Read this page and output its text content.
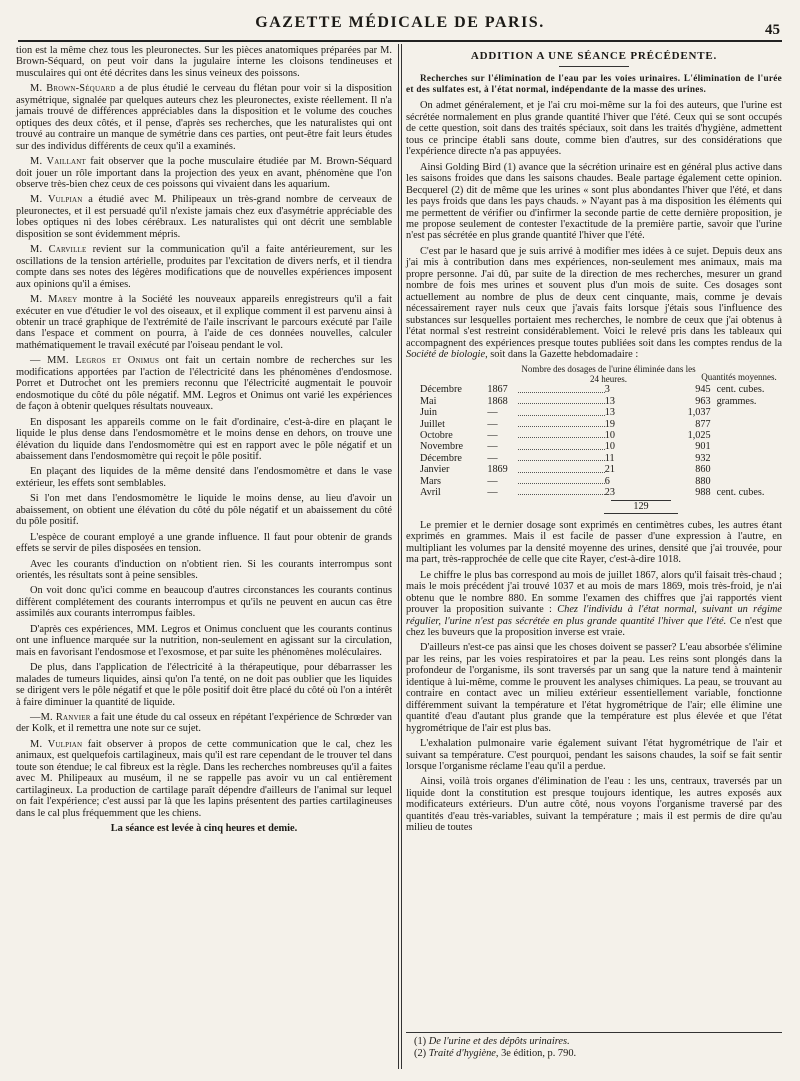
GAZETTE MÉDICALE DE PARIS.	45

tion est la même chez tous les pleuronectes. Sur les pièces anatomiques préparées par M. Brown-Séquard, on peut voir dans la jugulaire interne les cloisons tendineuses et musculaires qui ont été décrites dans les sinus veineux des poissons.

M. Brown-Séquard a de plus étudié le cerveau du flétan pour voir si la disposition asymétrique, signalée par quelques auteurs chez les pleuronectes, existe réellement. Il n'a jamais trouvé de différences appréciables dans la disposition et le volume des couches optiques des deux côtés, et il pense, d'après ses recherches, que les naturalistes qui ont trouvé au contraire un manque de symétrie dans ces parties, ont peut-être fait leurs études sur des individus différents de ceux qu'il a examinés.

M. Vaillant fait observer que la poche musculaire étudiée par M. Brown-Séquard doit jouer un rôle important dans la projection des yeux en avant, phénomène que l'on observe très-bien chez ceux de ces poissons qui vivaient dans les aquarium.

M. Vulpian a étudié avec M. Philipeaux un très-grand nombre de cerveaux de pleuronectes, et il est persuadé qu'il n'existe jamais chez eux d'asymétrie appréciable des lobes optiques ni des lobes cérébraux. Les naturalistes qui ont décrit une semblable disposition se sont évidemment mépris.

M. Carville revient sur la communication qu'il a faite antérieurement, sur les oscillations de la tension artérielle, produites par l'excitation de divers nerfs, et il tiendra compte dans ses notes des légères modifications que de nouvelles expériences imposent aux opinions qu'il a émises.

M. Marey montre à la Société les nouveaux appareils enregistreurs qu'il a fait exécuter en vue d'étudier le vol des oiseaux, et il explique comment il est parvenu ainsi à obtenir un tracé graphique de l'extrémité de l'aile inscrivant le parcours exécuté par l'aile dans l'espace et comment on pourra, à l'aide de ces données nouvelles, calculer mathématiquement le travail exécuté par l'oiseau pendant le vol.

— MM. Legros et Onimus ont fait un certain nombre de recherches sur les modifications apportées par l'action de l'électricité dans les phénomènes d'endosmose. Porret et Dutrochet ont les premiers reconnu que l'électricité augmentait le pouvoir endosmotique du côté du pôle négatif. MM. Legros et Onimus ont varié les expériences de façon à obtenir quelques résultats nouveaux.

En disposant les appareils comme on le fait d'ordinaire, c'est-à-dire en plaçant le liquide le plus dense dans l'endosmomètre et le moins dense en dehors, on trouve une élévation du liquide dans l'endosmomètre qui est en rapport avec le pôle négatif et un abaissement dans l'endosmomètre qui reçoit le pôle positif.

En plaçant des liquides de la même densité dans l'endosmomètre et dans le vase extérieur, les effets sont semblables.

Si l'on met dans l'endosmomètre le liquide le moins dense, au lieu d'avoir un abaissement, on obtient une élévation du côté du pôle négatif et un abaissement du côté du pôle positif.

L'espèce de courant employé a une grande influence. Il faut pour obtenir de grands effets se servir de piles disposées en tension.

Avec les courants d'induction on n'obtient rien. Si les courants interrompus sont orientés, les résultats sont à peine sensibles.

On voit donc qu'ici comme en beaucoup d'autres circonstances les courants continus diffèrent complétement des courants interrompus et qu'ils ne peuvent en aucun cas être assimilés aux courants interrompus faibles.

D'après ces expériences, MM. Legros et Onimus concluent que les courants continus ont une influence marquée sur la nutrition, non-seulement en agissant sur la circulation, mais en favorisant l'endosmose et l'exosmose, et par suite les phénomènes moléculaires.

De plus, dans l'application de l'électricité à la thérapeutique, pour débarrasser les malades de tumeurs liquides, ainsi qu'on l'a tenté, on ne doit pas oublier que les liquides se dirigent vers le pôle négatif et que le pôle positif doit être placé du côté où l'on a intérêt à faire diminuer la quantité de liquide.

—M. Ranvier a fait une étude du cal osseux en répétant l'expérience de Schrœder van der Kolk, et il remettra une note sur ce sujet.

M. Vulpian fait observer à propos de cette communication que le cal, chez les animaux, est quelquefois cartilagineux, mais qu'il est rare cependant de le trouver tel dans toute son étendue; le cal fibreux est la règle. Dans les recherches nombreuses qu'il a faites avec M. Philipeaux au muséum, il ne se rappelle pas avoir vu un cal entièrement cartilagineux. La production de cartilage paraît dépendre d'ailleurs de l'animal sur lequel on fait l'expérience; c'est aussi par là que les lapins présentent des parties cartilagineuses dans le cal plus fréquemment que les chiens.

La séance est levée à cinq heures et demie.

ADDITION A UNE SÉANCE PRÉCÉDENTE.

Recherches sur l'élimination de l'eau par les voies urinaires. L'élimination de l'urée et des sulfates est, à l'état normal, indépendante de la masse des urines.

On admet généralement, et je l'ai cru moi-même sur la foi des auteurs, que l'urine est sécrétée normalement en plus grande quantité l'hiver que l'été. Ceux qui se sont occupés de cette question, soit dans des traités spéciaux, soit dans les traités d'hygiène, admettent tous ce principe établi sans doute, comme bien d'autres, sur des considérations que l'expérience directe n'a pas appuyées.

Ainsi Golding Bird (1) avance que la sécrétion urinaire est en général plus active dans les saisons froides que dans les saisons chaudes. Beale partage également cette opinion. Becquerel (2) dit de même que les urines « sont plus abondantes l'hiver que l'été, et dans les pays froids que dans les pays chauds. » N'ayant pas à ma disposition les éléments qui me permettent de vérifier ou d'infirmer la seconde partie de cette dernière proposition, je me propose seulement de contester l'exactitude de la première partie, savoir que l'urine n'est pas sécrétée en plus grande quantité l'hiver que l'été.

C'est par le hasard que je suis arrivé à modifier mes idées à ce sujet. Depuis deux ans j'ai mis à contribution dans mes expériences, non-seulement mes animaux, mais ma propre personne. J'ai dû, par suite de la direction de mes recherches, mesurer un grand nombre de fois mes urines et souvent plus d'un mois de suite. Ces dosages sont actuellement au nombre de plus de deux cent cinquante, mais, comme je devais nécessairement rayer nuls ceux que j'avais faits lorsque j'étais sous l'influence des substances sur lesquelles portaient mes recherches, le nombre de ceux que j'ai obtenus à l'état normal s'est restreint considérablement. Voici le relevé pris dans les tableaux qui accompagnent des expériences presque toutes publiées soit dans les comptes rendus de la Société de biologie, soit dans la Gazette hebdomadaire :

Nombre des dosages de l'urine éliminée dans les 24 heures.	Quantités moyennes.
Décembre	1867	3	945 cent. cubes.
Mai	1868	13	963 grammes.
Juin	—	13	1,037
Juillet	—	19	877
Octobre	—	10	1,025
Novembre	—	10	901
Décembre	—	11	932
Janvier	1869	21	860
Mars	—	6	880
Avril	—	23	988 cent. cubes.
129

Le premier et le dernier dosage sont exprimés en centimètres cubes, les autres étant exprimés en grammes. Mais il est facile de passer d'une expression à l'autre, en multipliant les volumes par la densité moyenne des urines, densité que j'ai trouvée, pour ma part, très-rapprochée de celle que cite Rayer, c'est-à-dire 1018.

Le chiffre le plus bas correspond au mois de juillet 1867, alors qu'il faisait très-chaud ; mais le mois précédent j'ai trouvé 1037 et au mois de mars 1869, mois très-froid, je n'ai obtenu que le nombre 880. En somme l'examen des chiffres que j'ai rapportés vient prouver la proposition suivante : Chez l'individu à l'état normal, suivant un régime régulier, l'urine n'est pas sécrétée en plus grande quantité l'hiver que l'été. Ce n'est que chez les buveurs que la proposition inverse est vraie.

D'ailleurs n'est-ce pas ainsi que les choses doivent se passer? L'eau absorbée s'élimine par les reins, par les voies respiratoires et par la peau. Les reins sont plongés dans la profondeur de l'organisme, ils sont traversés par un sang que la nature tend à maintenir identique à lui-même, comme le prouvent les analyses chimiques. La peau, se trouvant au contraire en contact avec un milieu extérieur essentiellement variable, fonctionne différemment suivant la température et l'état hygrométrique de l'air; elle élimine une quantité d'eau d'autant plus grande que la température est plus élevée et que l'état hygrométrique de l'air est plus bas.

L'exhalation pulmonaire varie également suivant l'état hygrométrique de l'air et suivant sa température. C'est pourquoi, pendant les saisons chaudes, la soif se fait sentir lorsque l'organisme réclame l'eau qu'il a perdue.

Ainsi, voilà trois organes d'élimination de l'eau : les uns, centraux, traversés par un liquide dont la constitution est presque toujours identique, les autres exposés aux modificateurs extérieurs. D'un autre côté, nous voyons l'organisme traversé par des quantités d'eau très-variables, suivant la température ; mais il est permis de dire qu'au milieu de toutes

(1) De l'urine et des dépôts urinaires.
(2) Traité d'hygiène, 3e édition, p. 790.
